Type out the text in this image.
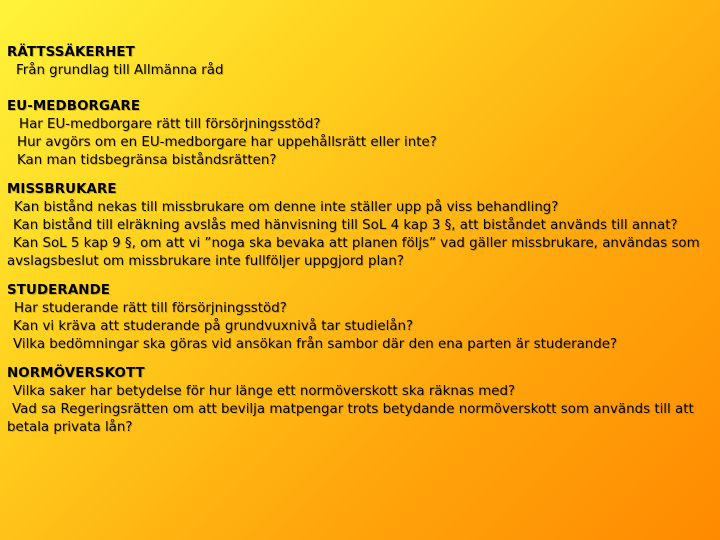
RÄTTSSÄKERHET
Från grundlag till Allmänna råd
EU-MEDBORGARE
Har EU-medborgare rätt till försörjningsstöd?
Hur avgörs om en EU-medborgare har uppehållsrätt eller inte?
Kan man tidsbegränsa biståndsrätten?
MISSBRUKARE
Kan bistånd nekas till missbrukare om denne inte ställer upp på viss behandling?
Kan bistånd till elräkning avslås med hänvisning till SoL 4 kap 3 §, att biståndet används till annat?
Kan SoL 5 kap 9 §, om att vi ”noga ska bevaka att planen följs” vad gäller missbrukare, användas som avslagsbeslut om missbrukare inte fullföljer uppgjord plan?
STUDERANDE
Har studerande rätt till försörjningsstöd?
Kan vi kräva att studerande på grundvuxnivå tar studielån?
Vilka bedömningar ska göras vid ansökan från sambor där den ena parten är studerande?
NORMÖVERSKOTT
Vilka saker har betydelse för hur länge ett normöverskott ska räknas med?
Vad sa Regeringsrätten om att bevilja matpengar trots betydande normöverskott som används till att betala privata lån?
